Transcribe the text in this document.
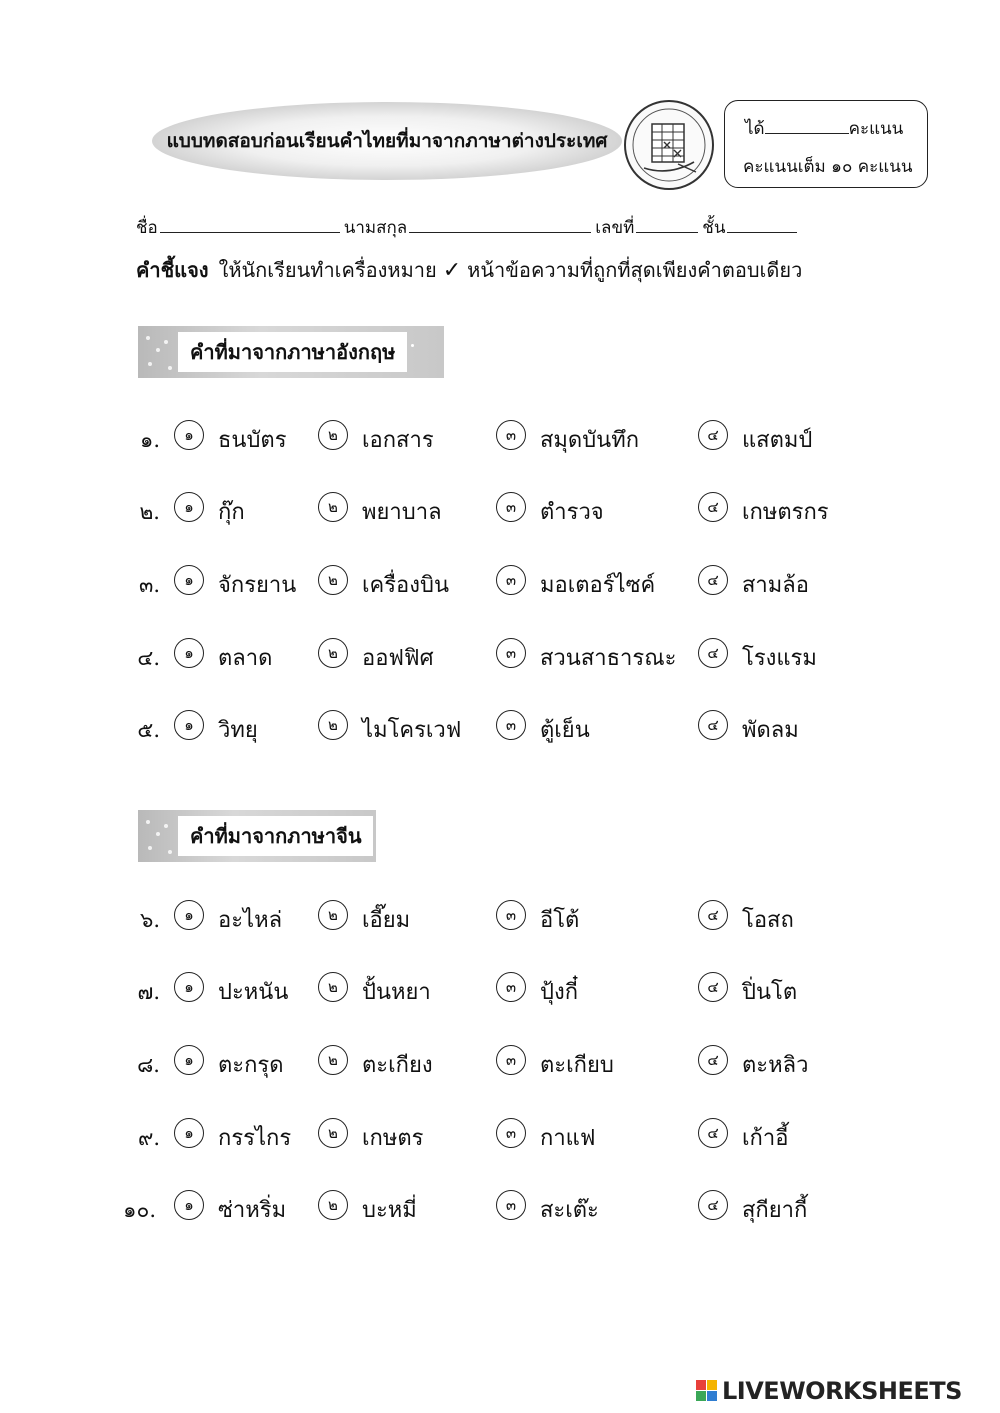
แบบทดสอบก่อนเรียนคำไทยที่มาจากภาษาต่างประเทศ
ได้	คะแนน
คะแนนเต็ม ๑๐ คะแนน
ชื่อ	นามสกุล	เลขที่	ชั้น
คำชี้แจง ให้นักเรียนทำเครื่องหมาย ✓ หน้าข้อความที่ถูกที่สุดเพียงคำตอบเดียว
คำที่มาจากภาษาอังกฤษ
คำที่มาจากภาษาจีน
๑.	๑	ธนบัตร	๒	เอกสาร	๓	สมุดบันทึก	๔	แสตมป์
๒.	๑	กุ๊ก	๒	พยาบาล	๓	ตำรวจ	๔	เกษตรกร
๓.	๑	จักรยาน	๒	เครื่องบิน	๓	มอเตอร์ไซค์	๔	สามล้อ
๔.	๑	ตลาด	๒	ออฟฟิศ	๓	สวนสาธารณะ	๔	โรงแรม
๕.	๑	วิทยุ	๒	ไมโครเวฟ	๓	ตู้เย็น	๔	พัดลม
๖.	๑	อะไหล่	๒	เอี๊ยม	๓	อีโต้	๔	โอสถ
๗.	๑	ปะหนัน	๒	ปั้นหยา	๓	ปุ้งกี๋	๔	ปิ่นโต
๘.	๑	ตะกรุด	๒	ตะเกียง	๓	ตะเกียบ	๔	ตะหลิว
๙.	๑	กรรไกร	๒	เกษตร	๓	กาแฟ	๔	เก้าอี้
๑๐.	๑	ซ่าหริ่ม	๒	บะหมี่	๓	สะเต๊ะ	๔	สุกียากี้
LIVEWORKSHEETS
